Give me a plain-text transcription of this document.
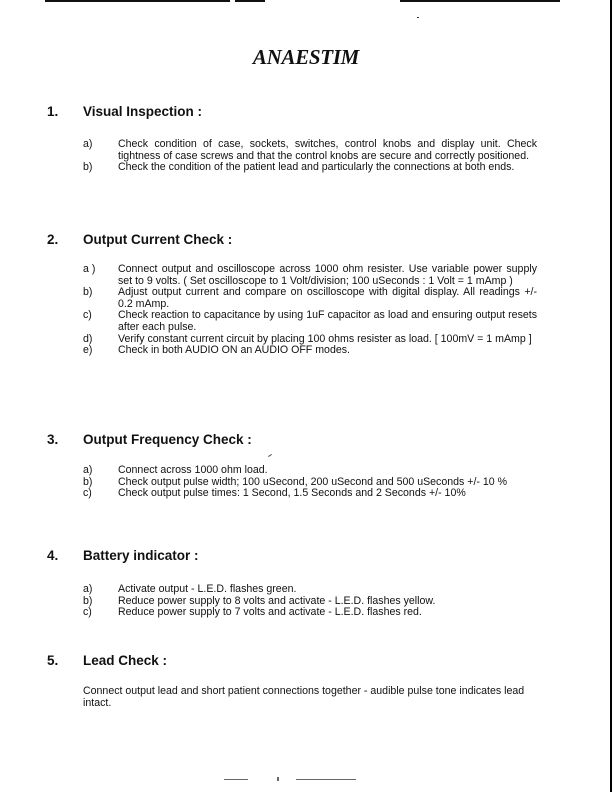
ANAESTIM
1. Visual Inspection :
a) Check condition of case, sockets, switches, control knobs and display unit. Check tightness of case screws and that the control knobs are secure and correctly positioned.
b) Check the condition of the patient lead and particularly the connections at both ends.
2. Output Current Check :
a ) Connect output and oscilloscope across 1000 ohm resister. Use variable power supply set to 9 volts. ( Set oscilloscope to 1 Volt/division; 100 uSeconds : 1 Volt = 1 mAmp )
b) Adjust output current and compare on oscilloscope with digital display. All readings +/- 0.2 mAmp.
c) Check reaction to capacitance by using 1uF capacitor as load and ensuring output resets after each pulse.
d) Verify constant current circuit by placing 100 ohms resister as load. [ 100mV = 1 mAmp ]
e) Check in both AUDIO ON an AUDIO OFF modes.
3. Output Frequency Check :
a) Connect across 1000 ohm load.
b) Check output pulse width; 100 uSecond, 200 uSecond and 500 uSeconds +/- 10 %
c) Check output pulse times: 1 Second, 1.5 Seconds and 2 Seconds +/- 10%
4. Battery indicator :
a) Activate output - L.E.D. flashes green.
b) Reduce power supply to 8 volts and activate - L.E.D. flashes yellow.
c) Reduce power supply to 7 volts and activate - L.E.D. flashes red.
5. Lead Check :
Connect output lead and short patient connections together - audible pulse tone indicates lead intact.
